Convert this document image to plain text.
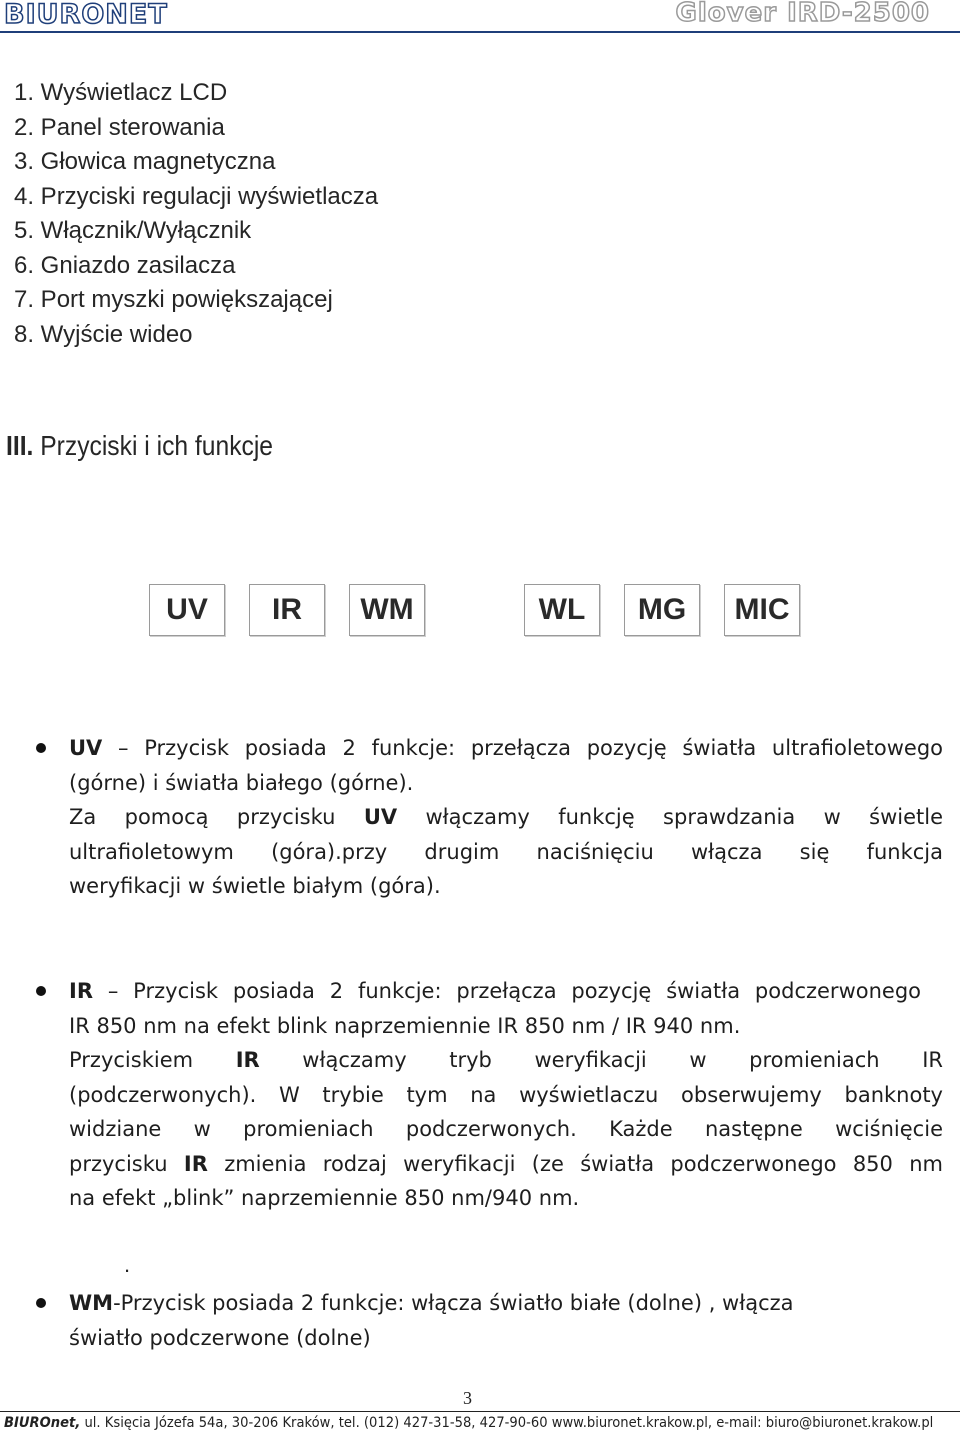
BIURONET	Glover IRD-2500
1. Wyświetlacz LCD
2. Panel sterowania
3. Głowica magnetyczna
4. Przyciski regulacji wyświetlacza
5. Włącznik/Wyłącznik
6. Gniazdo zasilacza
7. Port myszki powiększającej
8. Wyjście wideo
III. Przyciski i ich funkcje
UV	IR	WM	WL	MG	MIC
UV – Przycisk posiada 2 funkcje: przełącza pozycję światła ultrafioletowego
(górne) i światła białego (górne).
Za pomocą przycisku UV włączamy funkcję sprawdzania w świetle
ultrafioletowym (góra).przy drugim naciśnięciu włącza się funkcja
weryfikacji w świetle białym (góra).
IR – Przycisk posiada 2 funkcje: przełącza pozycję światła podczerwonego
IR 850 nm na efekt blink naprzemiennie IR 850 nm / IR 940 nm.
Przyciskiem IR włączamy tryb weryfikacji w promieniach IR
(podczerwonych). W trybie tym na wyświetlaczu obserwujemy banknoty
widziane w promieniach podczerwonych. Każde następne wciśnięcie
przycisku IR zmienia rodzaj weryfikacji (ze światła podczerwonego 850 nm
na efekt „blink” naprzemiennie 850 nm/940 nm.
.
WM-Przycisk posiada 2 funkcje: włącza światło białe (dolne) , włącza
światło podczerwone (dolne)
3
BIUROnet, ul. Księcia Józefa 54a, 30-206 Kraków, tel. (012) 427-31-58, 427-90-60 www.biuronet.krakow.pl, e-mail: biuro@biuronet.krakow.pl
